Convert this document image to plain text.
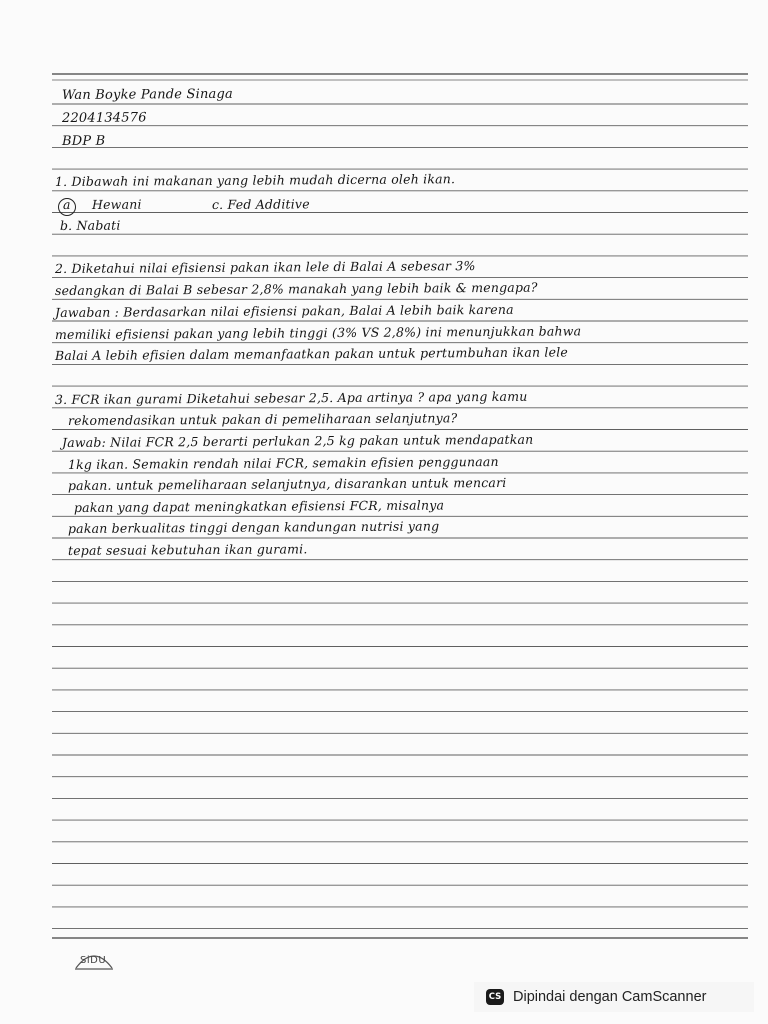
Wan Boyke Pande Sinaga
2204134576
BDP B
1. Dibawah ini makanan yang lebih mudah dicerna oleh ikan.
a Hewani	c. Fed Additive
b. Nabati
2. Diketahui nilai efisiensi pakan ikan lele di Balai A sebesar 3%
sedangkan di Balai B sebesar 2,8% manakah yang lebih baik & mengapa?
Jawaban : Berdasarkan nilai efisiensi pakan, Balai A lebih baik karena
memiliki efisiensi pakan yang lebih tinggi (3% VS 2,8%) ini menunjukkan bahwa
Balai A lebih efisien dalam memanfaatkan pakan untuk pertumbuhan ikan lele
3. FCR ikan gurami Diketahui sebesar 2,5. Apa artinya ? apa yang kamu
rekomendasikan untuk pakan di pemeliharaan selanjutnya?
Jawab: Nilai FCR 2,5 berarti perlukan 2,5 kg pakan untuk mendapatkan
1kg ikan. Semakin rendah nilai FCR, semakin efisien penggunaan
pakan. untuk pemeliharaan selanjutnya, disarankan untuk mencari
pakan yang dapat meningkatkan efisiensi FCR, misalnya
pakan berkualitas tinggi dengan kandungan nutrisi yang
tepat sesuai kebutuhan ikan gurami.
SiDU
CS Dipindai dengan CamScanner
